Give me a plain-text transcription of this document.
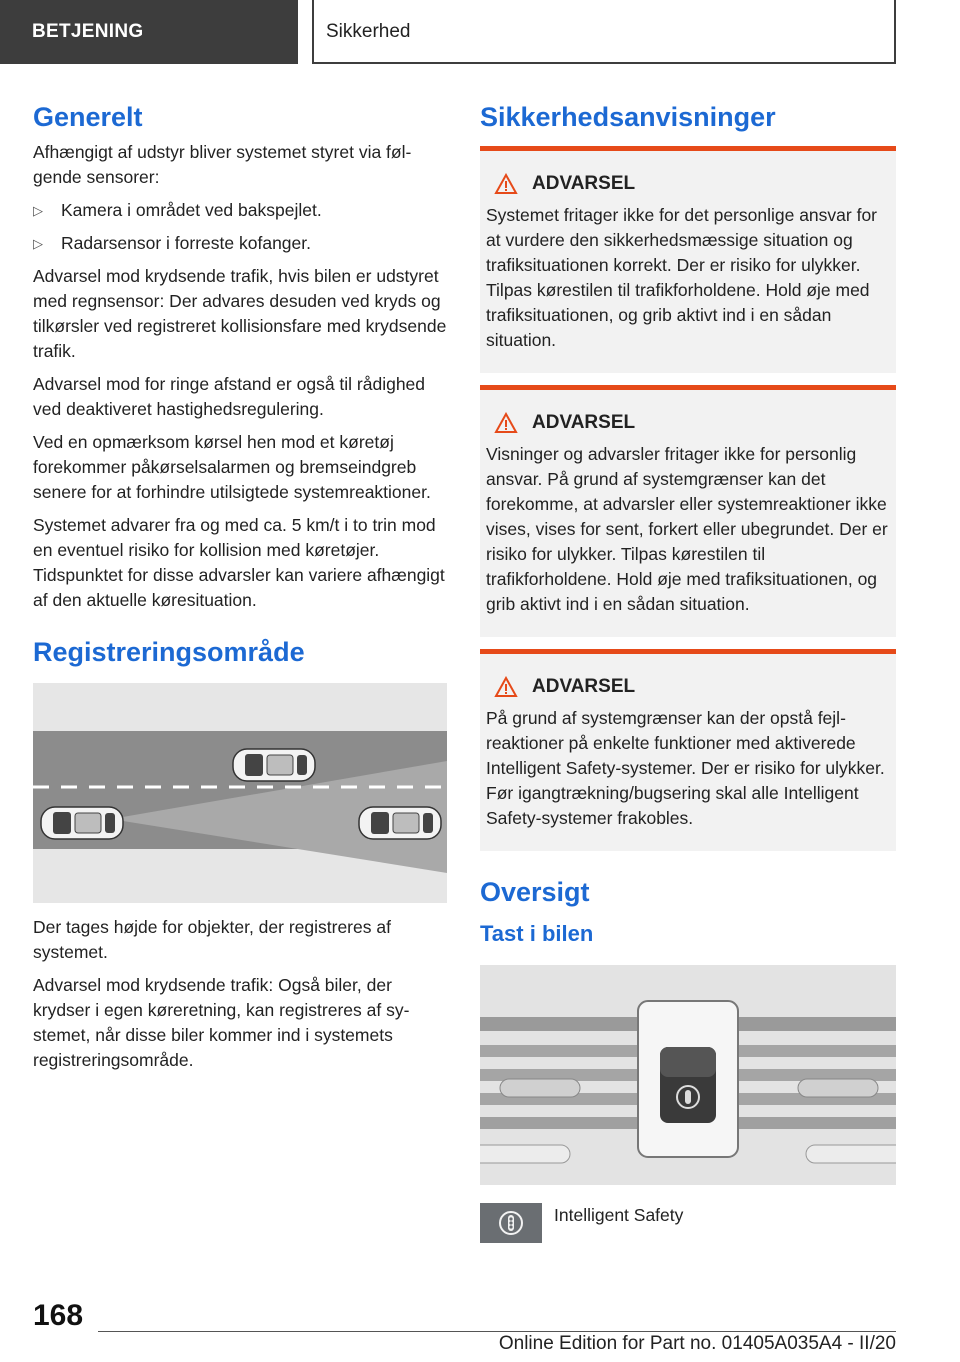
BETJENING	Sikkerhed
Generelt

Afhængigt af udstyr bliver systemet styret via følgende sensorer:

▷ Kamera i området ved bakspejlet.
▷ Radarsensor i forreste kofanger.

Advarsel mod krydsende trafik, hvis bilen er udstyret med regnsensor: Der advares desuden ved kryds og tilkørsler ved registreret kollisionsfare med krydsende trafik.

Advarsel mod for ringe afstand er også til rådighed ved deaktiveret hastighedsregulering.

Ved en opmærksom kørsel hen mod et køretøj forekommer påkørselsalarmen og bremseindgreb senere for at forhindre utilsigtede systemreaktioner.

Systemet advarer fra og med ca. 5 km/t i to trin mod en eventuel risiko for kollision med køretøjer. Tidspunktet for disse advarsler kan variere afhængigt af den aktuelle køresituation.

Registreringsområde

Der tages højde for objekter, der registreres af systemet.

Advarsel mod krydsende trafik: Også biler, der krydser i egen køreretning, kan registreres af systemet, når disse biler kommer ind i systemets registreringsområde.

Sikkerhedsanvisninger
ADVARSEL

Systemet fritager ikke for det personlige ansvar for at vurdere den sikkerhedsmæssige situation og trafiksituationen korrekt. Der er risiko for ulykker. Tilpas kørestilen til trafikforholdene. Hold øje med trafiksituationen, og grib aktivt ind i en sådan situation.

ADVARSEL

Visninger og advarsler fritager ikke for personlig ansvar. På grund af systemgrænser kan det forekomme, at advarsler eller systemreaktioner ikke vises, vises for sent, forkert eller ubegrundet. Der er risiko for ulykker. Tilpas kørestilen til trafikforholdene. Hold øje med trafiksituationen, og grib aktivt ind i en sådan situation.

ADVARSEL

På grund af systemgrænser kan der opstå fejlreaktioner på enkelte funktioner med aktiverede Intelligent Safety-systemer. Der er risiko for ulykker. Før igangtrækning/bugsering skal alle Intelligent Safety-systemer frakobles.

Oversigt
Tast i bilen
Intelligent Safety
168
Online Edition for Part no. 01405A035A4 - II/20
